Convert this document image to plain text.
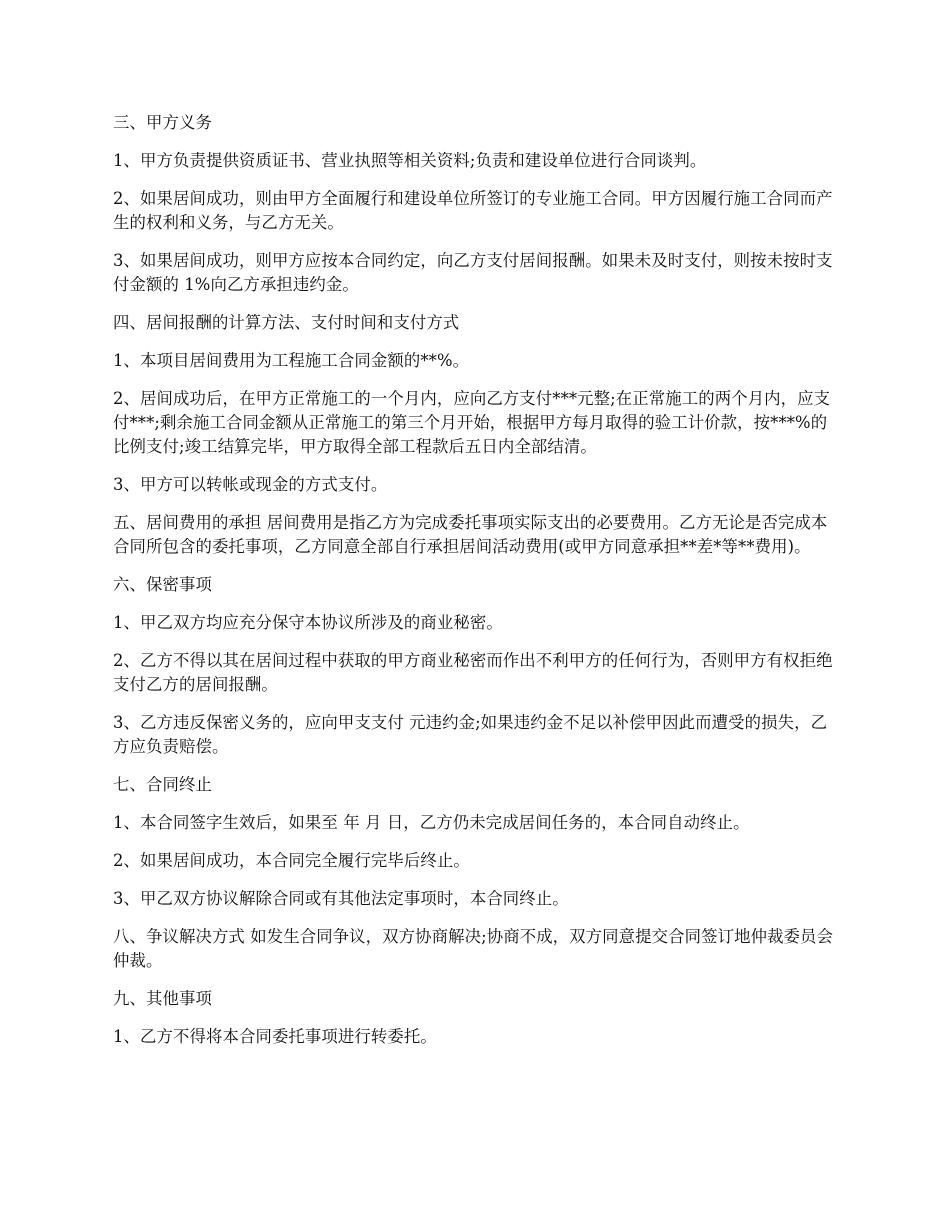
三、甲方义务

1、甲方负责提供资质证书、营业执照等相关资料;负责和建设单位进行合同谈判。

2、如果居间成功，则由甲方全面履行和建设单位所签订的专业施工合同。甲方因履行施工合同而产生的权利和义务，与乙方无关。

3、如果居间成功，则甲方应按本合同约定，向乙方支付居间报酬。如果未及时支付，则按未按时支付金额的 1%向乙方承担违约金。

四、居间报酬的计算方法、支付时间和支付方式

1、本项目居间费用为工程施工合同金额的**%。

2、居间成功后，在甲方正常施工的一个月内，应向乙方支付***元整;在正常施工的两个月内，应支付***;剩余施工合同金额从正常施工的第三个月开始，根据甲方每月取得的验工计价款，按***%的比例支付;竣工结算完毕，甲方取得全部工程款后五日内全部结清。

3、甲方可以转帐或现金的方式支付。

五、居间费用的承担 居间费用是指乙方为完成委托事项实际支出的必要费用。乙方无论是否完成本合同所包含的委托事项，乙方同意全部自行承担居间活动费用(或甲方同意承担**差*等**费用)。

六、保密事项

1、甲乙双方均应充分保守本协议所涉及的商业秘密。

2、乙方不得以其在居间过程中获取的甲方商业秘密而作出不利甲方的任何行为，否则甲方有权拒绝支付乙方的居间报酬。

3、乙方违反保密义务的，应向甲支支付 元违约金;如果违约金不足以补偿甲因此而遭受的损失，乙方应负责赔偿。

七、合同终止

1、本合同签字生效后，如果至 年 月 日，乙方仍未完成居间任务的，本合同自动终止。

2、如果居间成功，本合同完全履行完毕后终止。

3、甲乙双方协议解除合同或有其他法定事项时，本合同终止。

八、争议解决方式 如发生合同争议，双方协商解决;协商不成，双方同意提交合同签订地仲裁委员会仲裁。

九、其他事项

1、乙方不得将本合同委托事项进行转委托。
